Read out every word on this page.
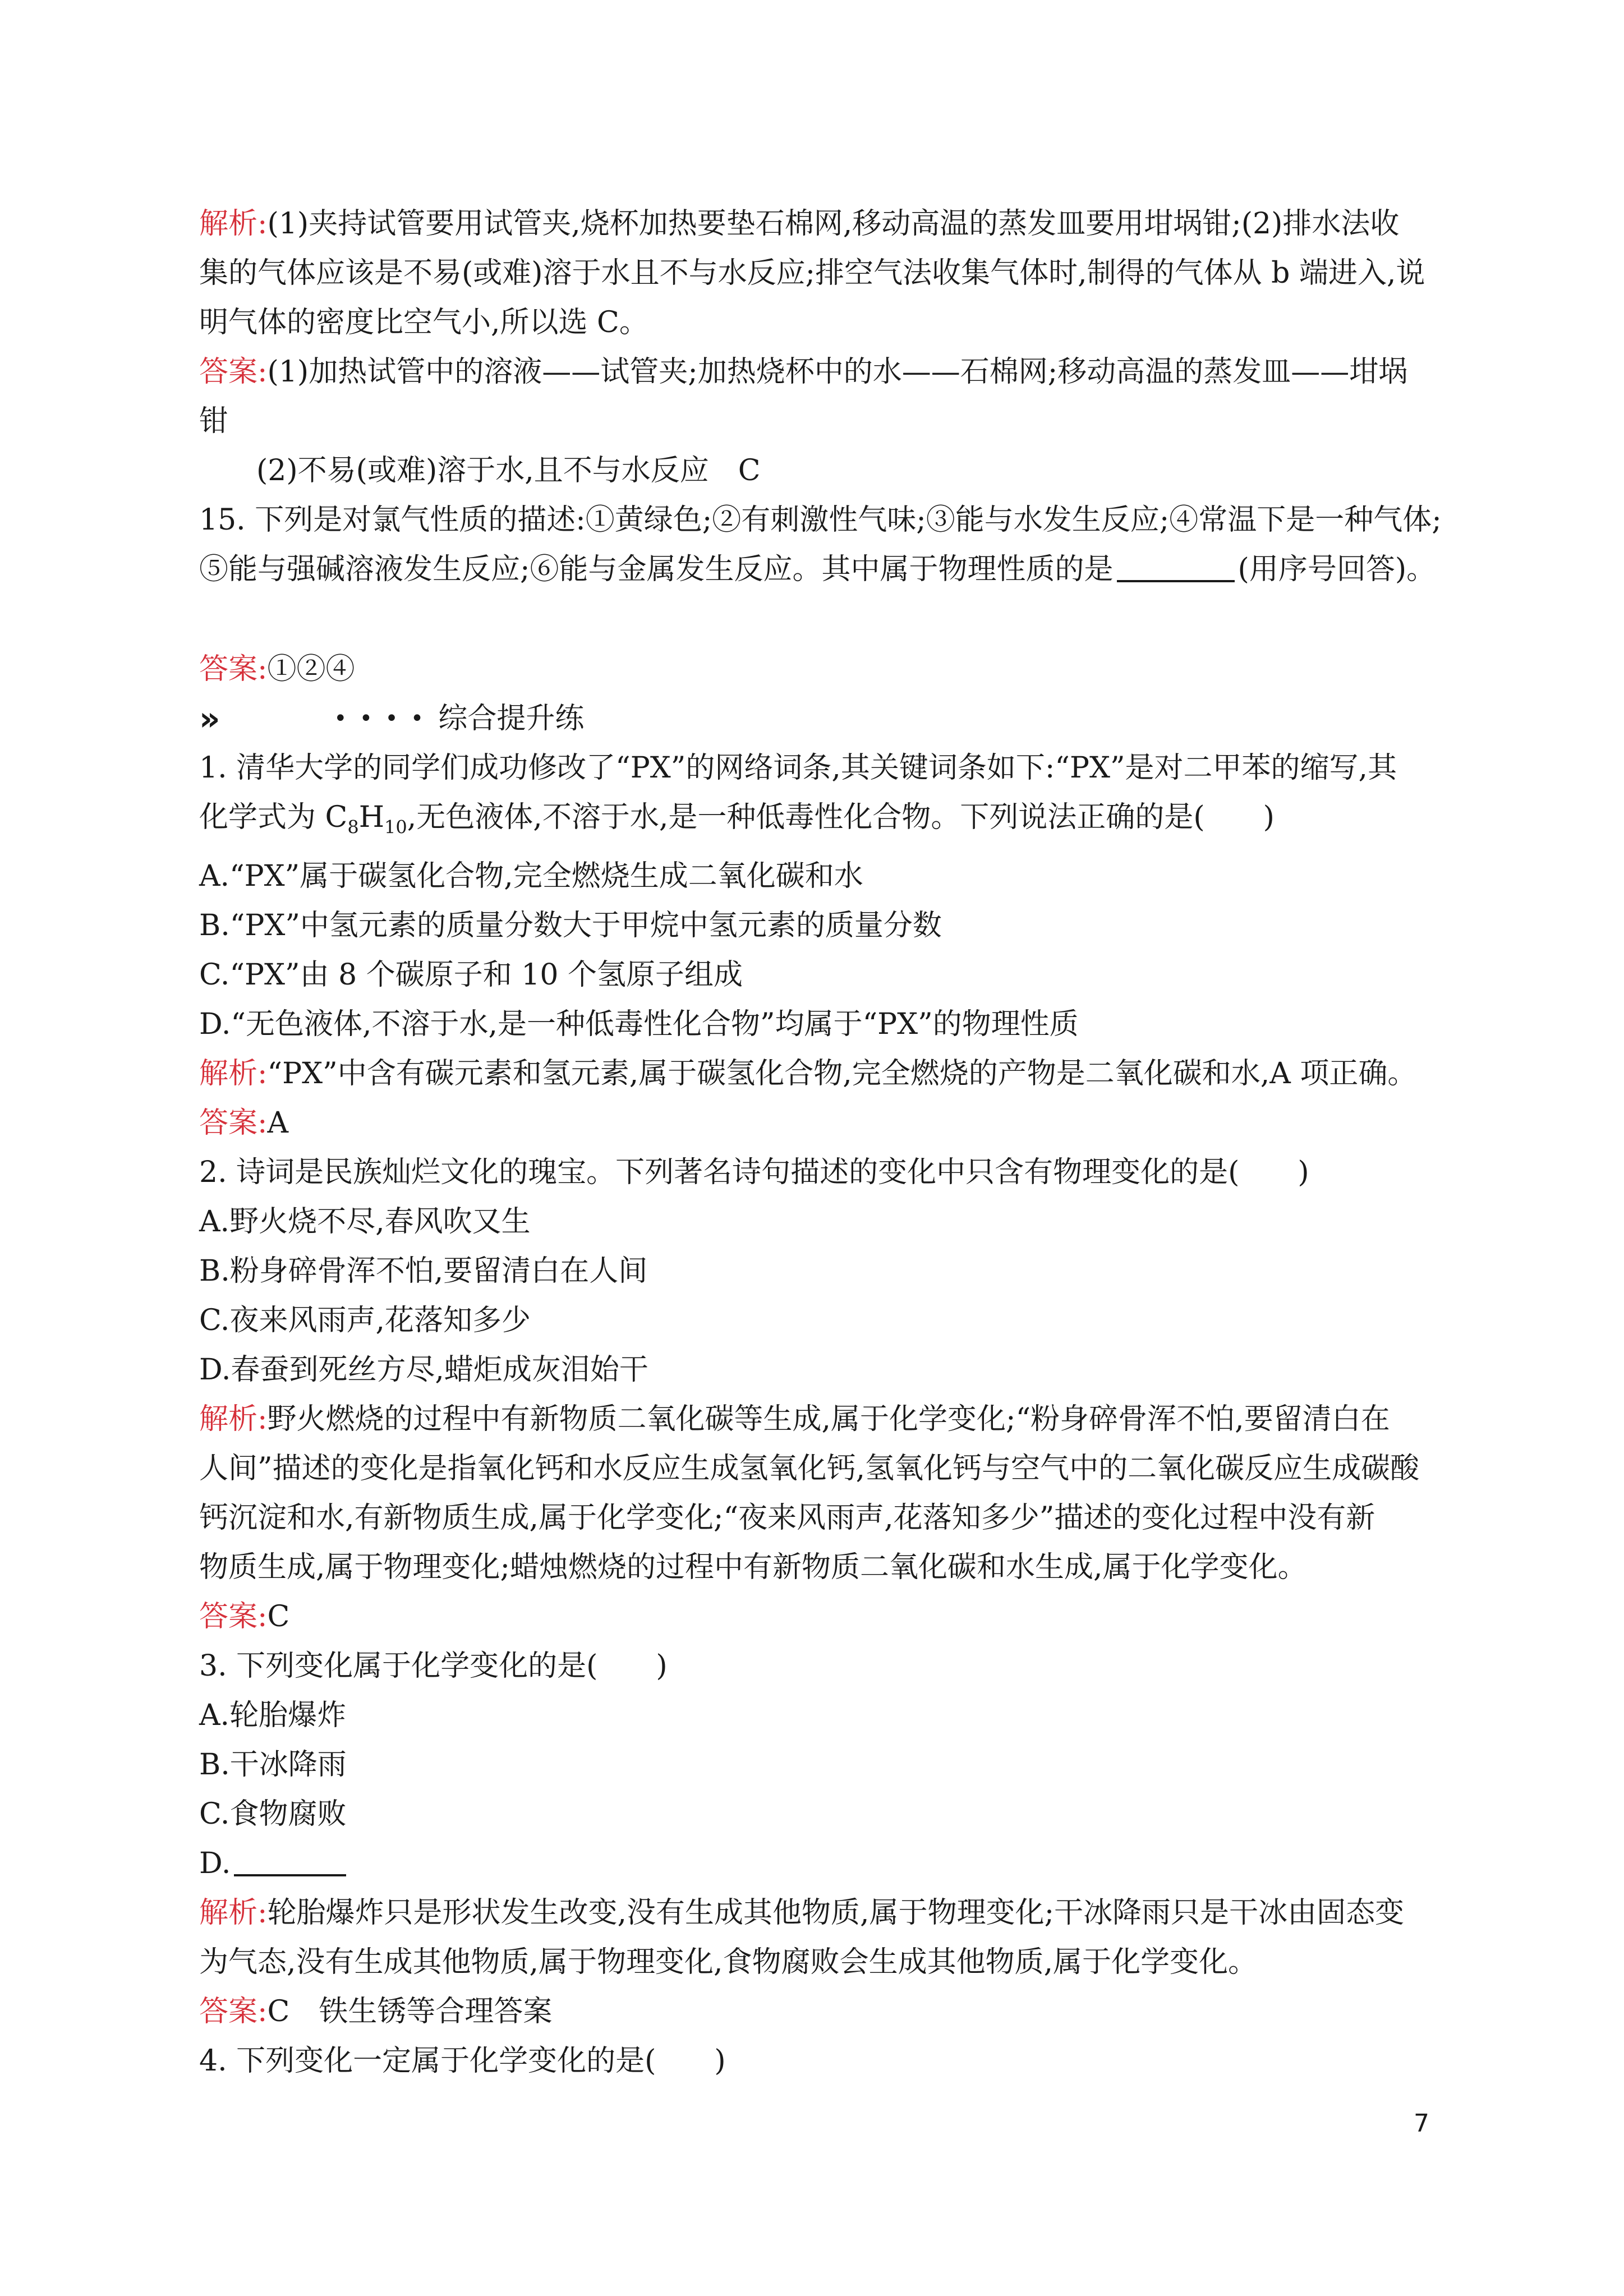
解析:(1)夹持试管要用试管夹,烧杯加热要垫石棉网,移动高温的蒸发皿要用坩埚钳;(2)排水法收
集的气体应该是不易(或难)溶于水且不与水反应;排空气法收集气体时,制得的气体从 b 端进入,说
明气体的密度比空气小,所以选 C。
答案:(1)加热试管中的溶液——试管夹;加热烧杯中的水——石棉网;移动高温的蒸发皿——坩埚
钳
(2)不易(或难)溶于水,且不与水反应　C
15. 下列是对氯气性质的描述:①黄绿色;②有刺激性气味;③能与水发生反应;④常温下是一种气体;
⑤能与强碱溶液发生反应;⑥能与金属发生反应。其中属于物理性质的是	(用序号回答)。
答案:①②④
»	•••• 综合提升练
1. 清华大学的同学们成功修改了“PX”的网络词条,其关键词条如下:“PX”是对二甲苯的缩写,其
化学式为 $C_8H_{10}$,无色液体,不溶于水,是一种低毒性化合物。下列说法正确的是(　　)
A.“PX”属于碳氢化合物,完全燃烧生成二氧化碳和水
B.“PX”中氢元素的质量分数大于甲烷中氢元素的质量分数
C.“PX”由 8 个碳原子和 10 个氢原子组成
D.“无色液体,不溶于水,是一种低毒性化合物”均属于“PX”的物理性质
解析:“PX”中含有碳元素和氢元素,属于碳氢化合物,完全燃烧的产物是二氧化碳和水,A 项正确。
答案:A
2. 诗词是民族灿烂文化的瑰宝。下列著名诗句描述的变化中只含有物理变化的是(　　)
A.野火烧不尽,春风吹又生
B.粉身碎骨浑不怕,要留清白在人间
C.夜来风雨声,花落知多少
D.春蚕到死丝方尽,蜡炬成灰泪始干
解析:野火燃烧的过程中有新物质二氧化碳等生成,属于化学变化;“粉身碎骨浑不怕,要留清白在
人间”描述的变化是指氧化钙和水反应生成氢氧化钙,氢氧化钙与空气中的二氧化碳反应生成碳酸
钙沉淀和水,有新物质生成,属于化学变化;“夜来风雨声,花落知多少”描述的变化过程中没有新
物质生成,属于物理变化;蜡烛燃烧的过程中有新物质二氧化碳和水生成,属于化学变化。
答案:C
3. 下列变化属于化学变化的是(　　)
A.轮胎爆炸
B.干冰降雨
C.食物腐败
D.
解析:轮胎爆炸只是形状发生改变,没有生成其他物质,属于物理变化;干冰降雨只是干冰由固态变
为气态,没有生成其他物质,属于物理变化,食物腐败会生成其他物质,属于化学变化。
答案:C　铁生锈等合理答案
4. 下列变化一定属于化学变化的是(　　)
7
